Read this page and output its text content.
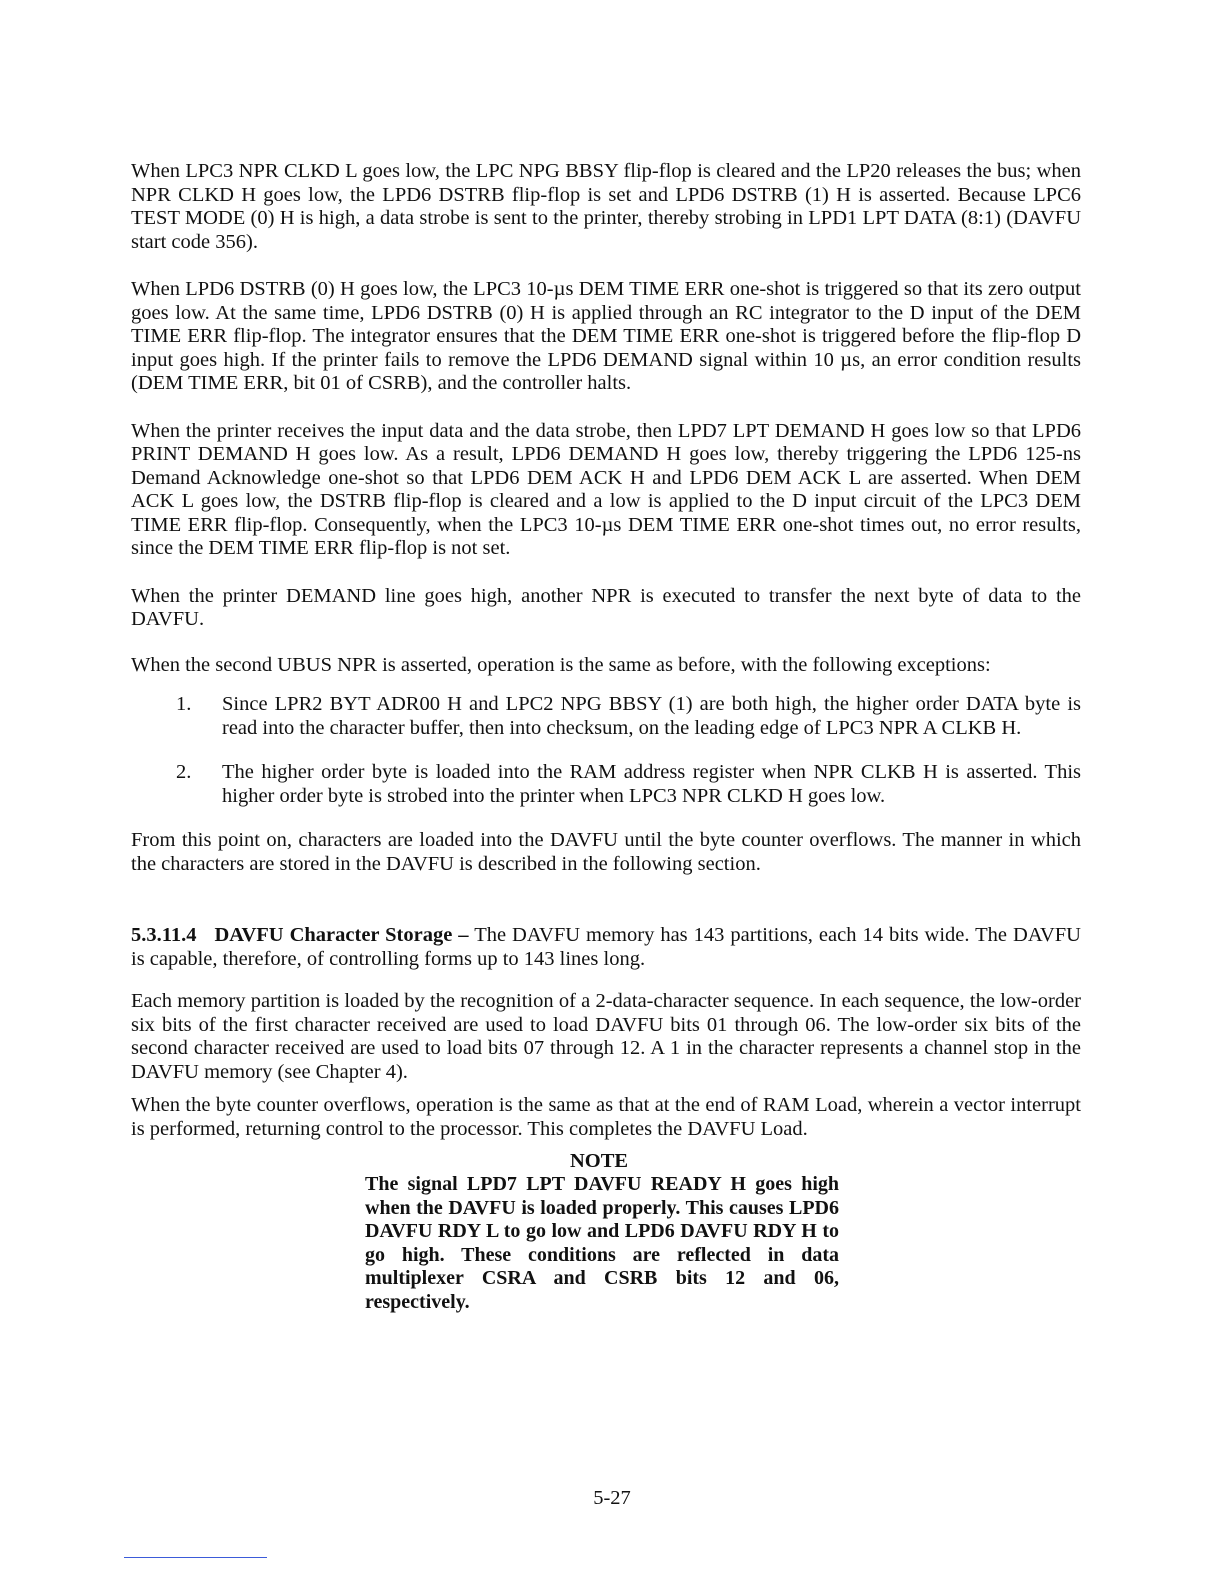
When LPC3 NPR CLKD L goes low, the LPC NPG BBSY flip-flop is cleared and the LP20 releases the bus; when NPR CLKD H goes low, the LPD6 DSTRB flip-flop is set and LPD6 DSTRB (1) H is asserted. Because LPC6 TEST MODE (0) H is high, a data strobe is sent to the printer, thereby strobing in LPD1 LPT DATA (8:1) (DAVFU start code 356).

When LPD6 DSTRB (0) H goes low, the LPC3 10-µs DEM TIME ERR one-shot is triggered so that its zero output goes low. At the same time, LPD6 DSTRB (0) H is applied through an RC integrator to the D input of the DEM TIME ERR flip-flop. The integrator ensures that the DEM TIME ERR one-shot is triggered before the flip-flop D input goes high. If the printer fails to remove the LPD6 DEMAND signal within 10 µs, an error condition results (DEM TIME ERR, bit 01 of CSRB), and the controller halts.

When the printer receives the input data and the data strobe, then LPD7 LPT DEMAND H goes low so that LPD6 PRINT DEMAND H goes low. As a result, LPD6 DEMAND H goes low, thereby triggering the LPD6 125-ns Demand Acknowledge one-shot so that LPD6 DEM ACK H and LPD6 DEM ACK L are asserted. When DEM ACK L goes low, the DSTRB flip-flop is cleared and a low is applied to the D input circuit of the LPC3 DEM TIME ERR flip-flop. Consequently, when the LPC3 10-µs DEM TIME ERR one-shot times out, no error results, since the DEM TIME ERR flip-flop is not set.

When the printer DEMAND line goes high, another NPR is executed to transfer the next byte of data to the DAVFU.

When the second UBUS NPR is asserted, operation is the same as before, with the following exceptions:

1. Since LPR2 BYT ADR00 H and LPC2 NPG BBSY (1) are both high, the higher order DATA byte is read into the character buffer, then into checksum, on the leading edge of LPC3 NPR A CLKB H.
2. The higher order byte is loaded into the RAM address register when NPR CLKB H is asserted. This higher order byte is strobed into the printer when LPC3 NPR CLKD H goes low.

From this point on, characters are loaded into the DAVFU until the byte counter overflows. The manner in which the characters are stored in the DAVFU is described in the following section.

5.3.11.4 DAVFU Character Storage – The DAVFU memory has 143 partitions, each 14 bits wide. The DAVFU is capable, therefore, of controlling forms up to 143 lines long.

Each memory partition is loaded by the recognition of a 2-data-character sequence. In each sequence, the low-order six bits of the first character received are used to load DAVFU bits 01 through 06. The low-order six bits of the second character received are used to load bits 07 through 12. A 1 in the character represents a channel stop in the DAVFU memory (see Chapter 4).

When the byte counter overflows, operation is the same as that at the end of RAM Load, wherein a vector interrupt is performed, returning control to the processor. This completes the DAVFU Load.

NOTE
The signal LPD7 LPT DAVFU READY H goes high when the DAVFU is loaded properly. This causes LPD6 DAVFU RDY L to go low and LPD6 DAVFU RDY H to go high. These conditions are reflected in data multiplexer CSRA and CSRB bits 12 and 06, respectively.
5-27
